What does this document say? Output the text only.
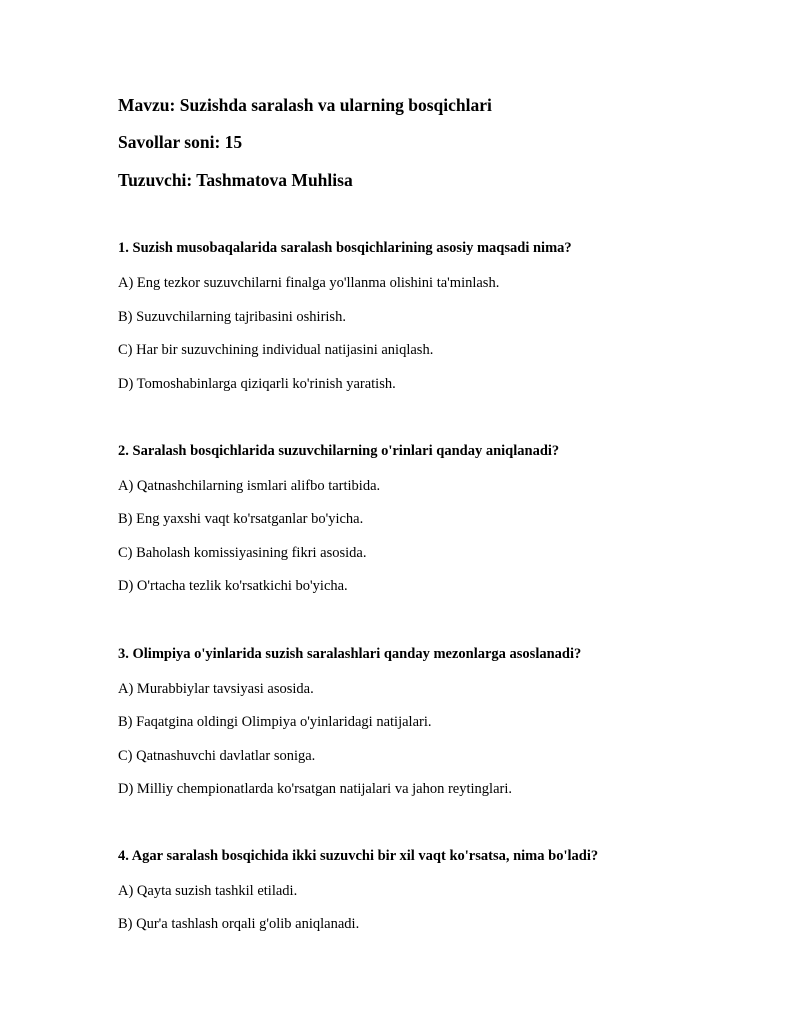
Mavzu: Suzishda saralash va ularning bosqichlari
Savollar soni: 15
Tuzuvchi: Tashmatova Muhlisa
1. Suzish musobaqalarida saralash bosqichlarining asosiy maqsadi nima?
A) Eng tezkor suzuvchilarni finalga yo'llanma olishini ta'minlash.
B) Suzuvchilarning tajribasini oshirish.
C) Har bir suzuvchining individual natijasini aniqlash.
D) Tomoshabinlarga qiziqarli ko'rinish yaratish.
2. Saralash bosqichlarida suzuvchilarning o'rinlari qanday aniqlanadi?
A) Qatnashchilarning ismlari alifbo tartibida.
B) Eng yaxshi vaqt ko'rsatganlar bo'yicha.
C) Baholash komissiyasining fikri asosida.
D) O'rtacha tezlik ko'rsatkichi bo'yicha.
3. Olimpiya o'yinlarida suzish saralashlari qanday mezonlarga asoslanadi?
A) Murabbiylar tavsiyasi asosida.
B) Faqatgina oldingi Olimpiya o'yinlaridagi natijalari.
C) Qatnashuvchi davlatlar soniga.
D) Milliy chempionatlarda ko'rsatgan natijalari va jahon reytinglari.
4. Agar saralash bosqichida ikki suzuvchi bir xil vaqt ko'rsatsa, nima bo'ladi?
A) Qayta suzish tashkil etiladi.
B) Qur'a tashlash orqali g'olib aniqlanadi.
